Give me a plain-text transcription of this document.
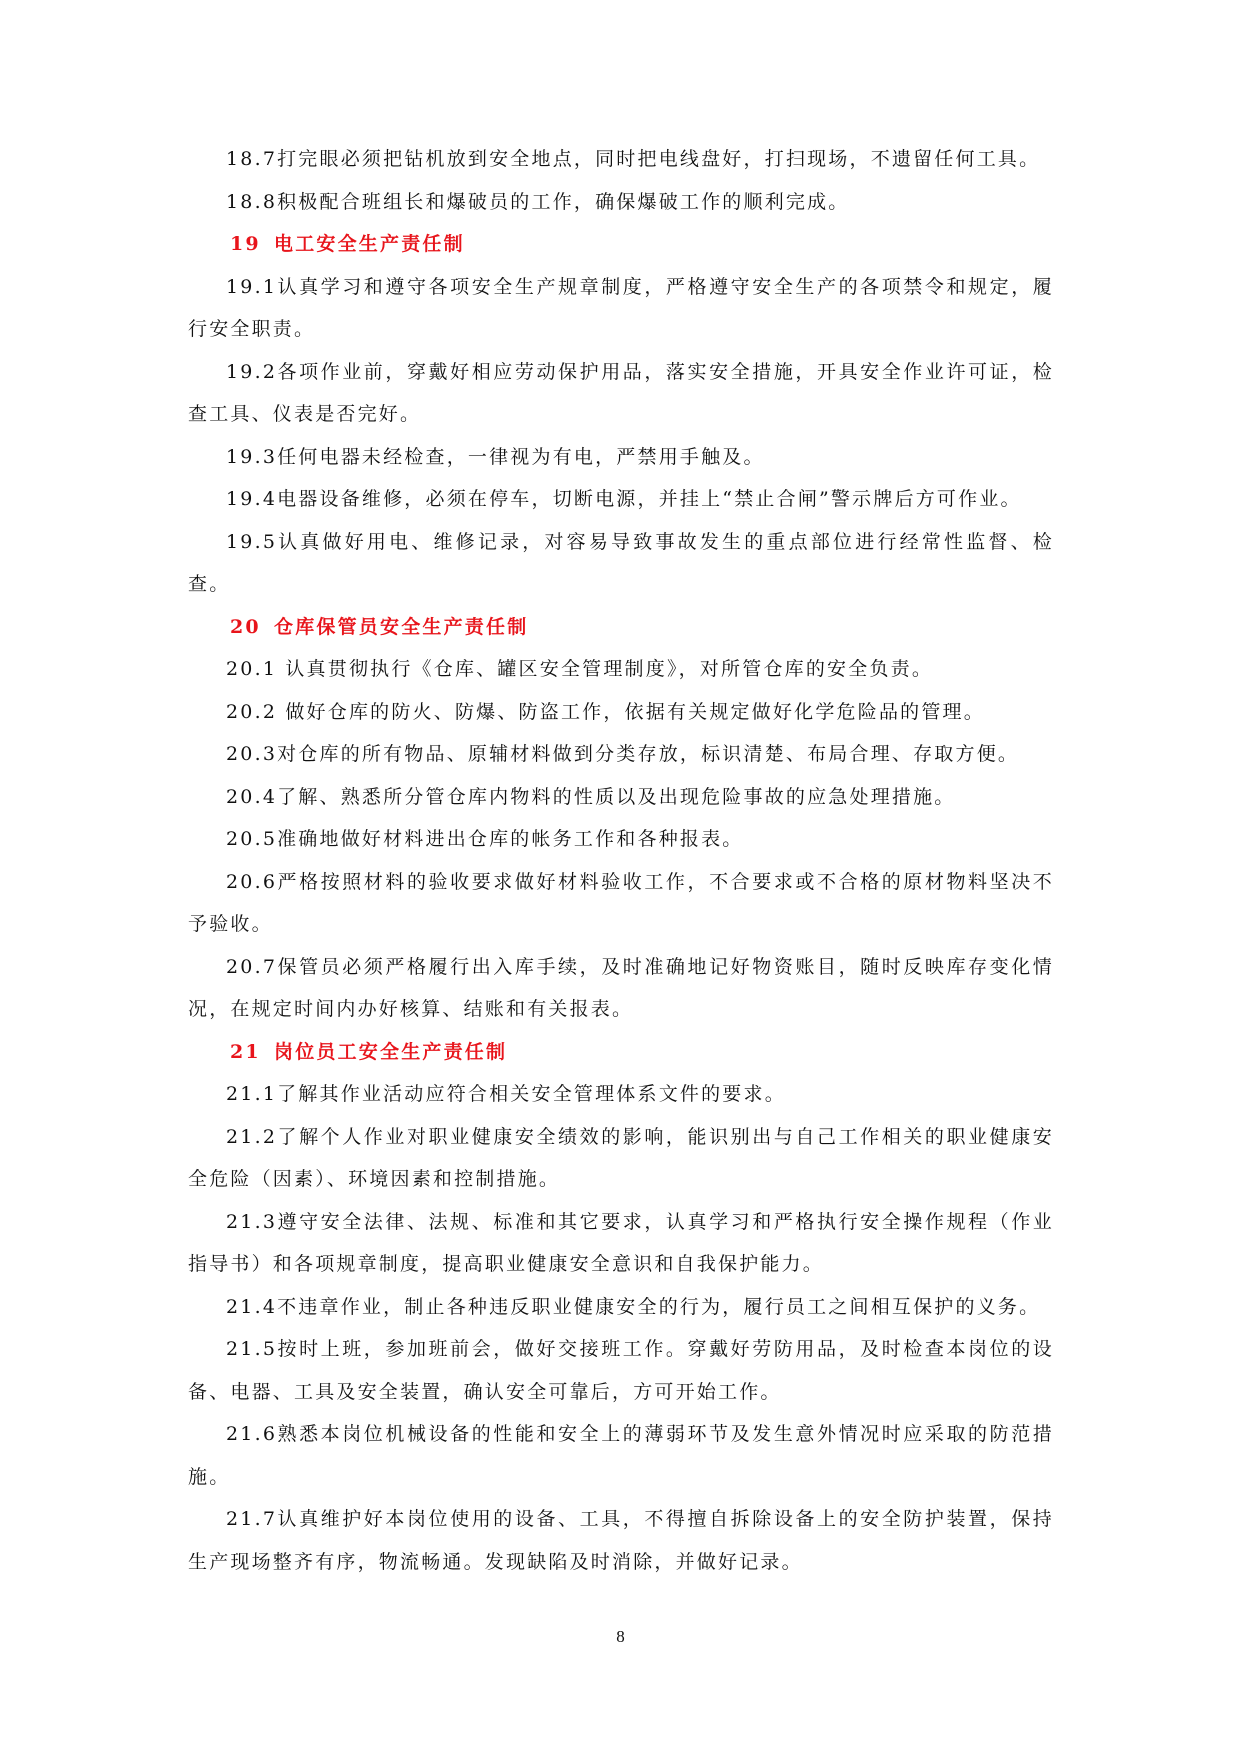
18.7打完眼必须把钻机放到安全地点，同时把电线盘好，打扫现场，不遗留任何工具。

18.8积极配合班组长和爆破员的工作，确保爆破工作的顺利完成。

19 电工安全生产责任制

19.1认真学习和遵守各项安全生产规章制度，严格遵守安全生产的各项禁令和规定，履行安全职责。

19.2各项作业前，穿戴好相应劳动保护用品，落实安全措施，开具安全作业许可证，检查工具、仪表是否完好。

19.3任何电器未经检查，一律视为有电，严禁用手触及。

19.4电器设备维修，必须在停车，切断电源，并挂上“禁止合闸”警示牌后方可作业。

19.5认真做好用电、维修记录，对容易导致事故发生的重点部位进行经常性监督、检查。

20 仓库保管员安全生产责任制

20.1 认真贯彻执行《仓库、罐区安全管理制度》，对所管仓库的安全负责。

20.2 做好仓库的防火、防爆、防盗工作，依据有关规定做好化学危险品的管理。

20.3对仓库的所有物品、原辅材料做到分类存放，标识清楚、布局合理、存取方便。

20.4了解、熟悉所分管仓库内物料的性质以及出现危险事故的应急处理措施。

20.5准确地做好材料进出仓库的帐务工作和各种报表。

20.6严格按照材料的验收要求做好材料验收工作，不合要求或不合格的原材物料坚决不予验收。

20.7保管员必须严格履行出入库手续，及时准确地记好物资账目，随时反映库存变化情况，在规定时间内办好核算、结账和有关报表。

21 岗位员工安全生产责任制

21.1了解其作业活动应符合相关安全管理体系文件的要求。

21.2了解个人作业对职业健康安全绩效的影响，能识别出与自己工作相关的职业健康安全危险（因素）、环境因素和控制措施。

21.3遵守安全法律、法规、标准和其它要求，认真学习和严格执行安全操作规程（作业指导书）和各项规章制度，提高职业健康安全意识和自我保护能力。

21.4不违章作业，制止各种违反职业健康安全的行为，履行员工之间相互保护的义务。

21.5按时上班，参加班前会，做好交接班工作。穿戴好劳防用品，及时检查本岗位的设备、电器、工具及安全装置，确认安全可靠后，方可开始工作。

21.6熟悉本岗位机械设备的性能和安全上的薄弱环节及发生意外情况时应采取的防范措施。

21.7认真维护好本岗位使用的设备、工具，不得擅自拆除设备上的安全防护装置，保持生产现场整齐有序，物流畅通。发现缺陷及时消除，并做好记录。

8
